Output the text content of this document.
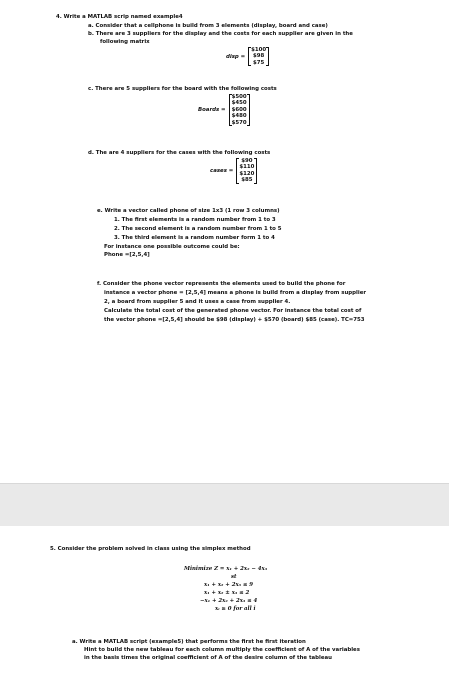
4. Write a MATLAB scrip named example4
a. Consider that a cellphone is build from 3 elements (display, board and case)
b. There are 3 suppliers for the display and the costs for each supplier are given in the
following matrix
disp =
$100
$98
$75
c. There are 5 suppliers for the board with the following costs
Boards =
$500
$450
$600
$480
$570
d. The are 4 suppliers for the cases with the following costs
cases =
$90
$110
$120
$85
e. Write a vector called phone of size 1x3 (1 row 3 columns)
1. The first elements is a random number from 1 to 3
2. The second element is a random number from 1 to 5
3. The third element is a random number form 1 to 4
For instance one possible outcome could be:
Phone =[2,5,4]
f. Consider the phone vector represents the elements used to build the phone for
instance a vector phone = [2,5,4] means a phone is build from a display from supplier
2, a board from supplier 5 and it uses a case from supplier 4.
Calculate the total cost of the generated phone vector. For instance the total cost of
the vector phone =[2,5,4] should be $98 (display) + $570 (board) $85 (case). TC=753
5. Consider the problem solved in class using the simplex method
Minimize Z = x₁ + 2x₂ − 4x₃
st
x₁ + x₂ + 2x₃ ≤ 9
x₁ + x₂ ± x₃ ≤ 2
−x₁ + 2x₂ + 2x₃ ≤ 4
xᵢ ≥ 0 for all i
a. Write a MATLAB script (example5) that performs the first he first iteration
Hint to build the new tableau for each column multiply the coefficient of A of the variables
in the basis times the original coefficient of A of the desire column of the tableau
